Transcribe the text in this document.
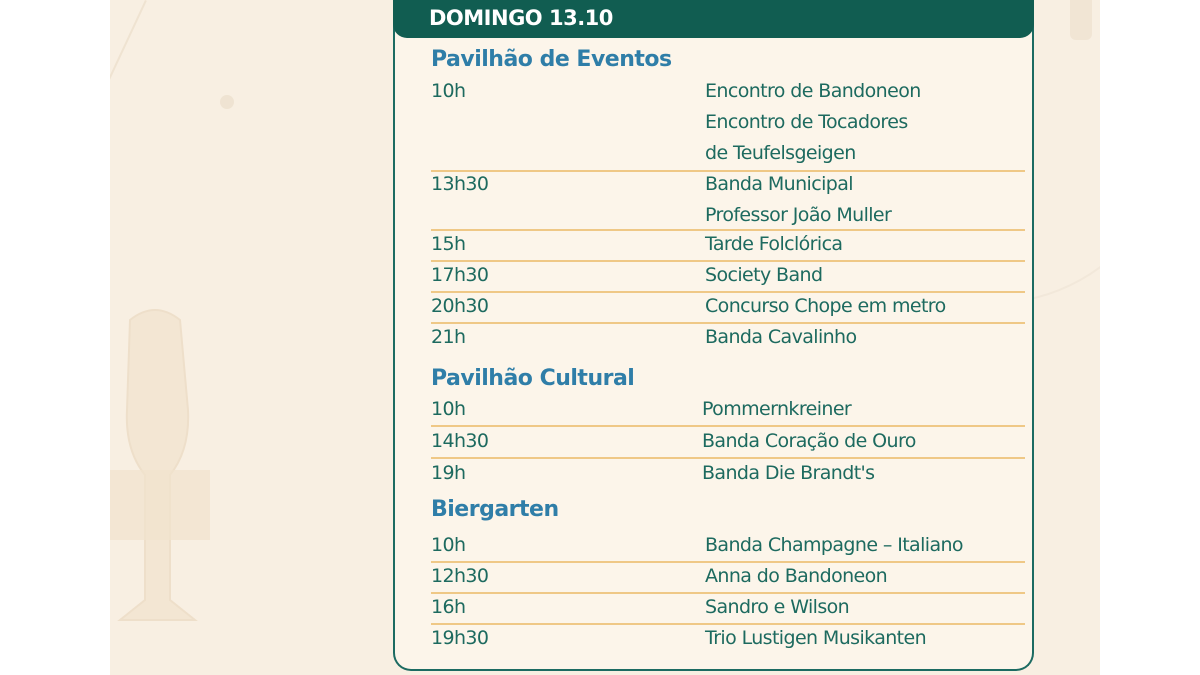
DOMINGO 13.10
Pavilhão de Eventos
10h	Encontro de Bandoneon
Encontro de Tocadores
de Teufelsgeigen
13h30	Banda Municipal
Professor João Muller
15h	Tarde Folclórica
17h30	Society Band
20h30	Concurso Chope em metro
21h	Banda Cavalinho
Pavilhão Cultural
10h	Pommernkreiner
14h30	Banda Coração de Ouro
19h	Banda Die Brandt's
Biergarten
10h	Banda Champagne – Italiano
12h30	Anna do Bandoneon
16h	Sandro e Wilson
19h30	Trio Lustigen Musikanten
